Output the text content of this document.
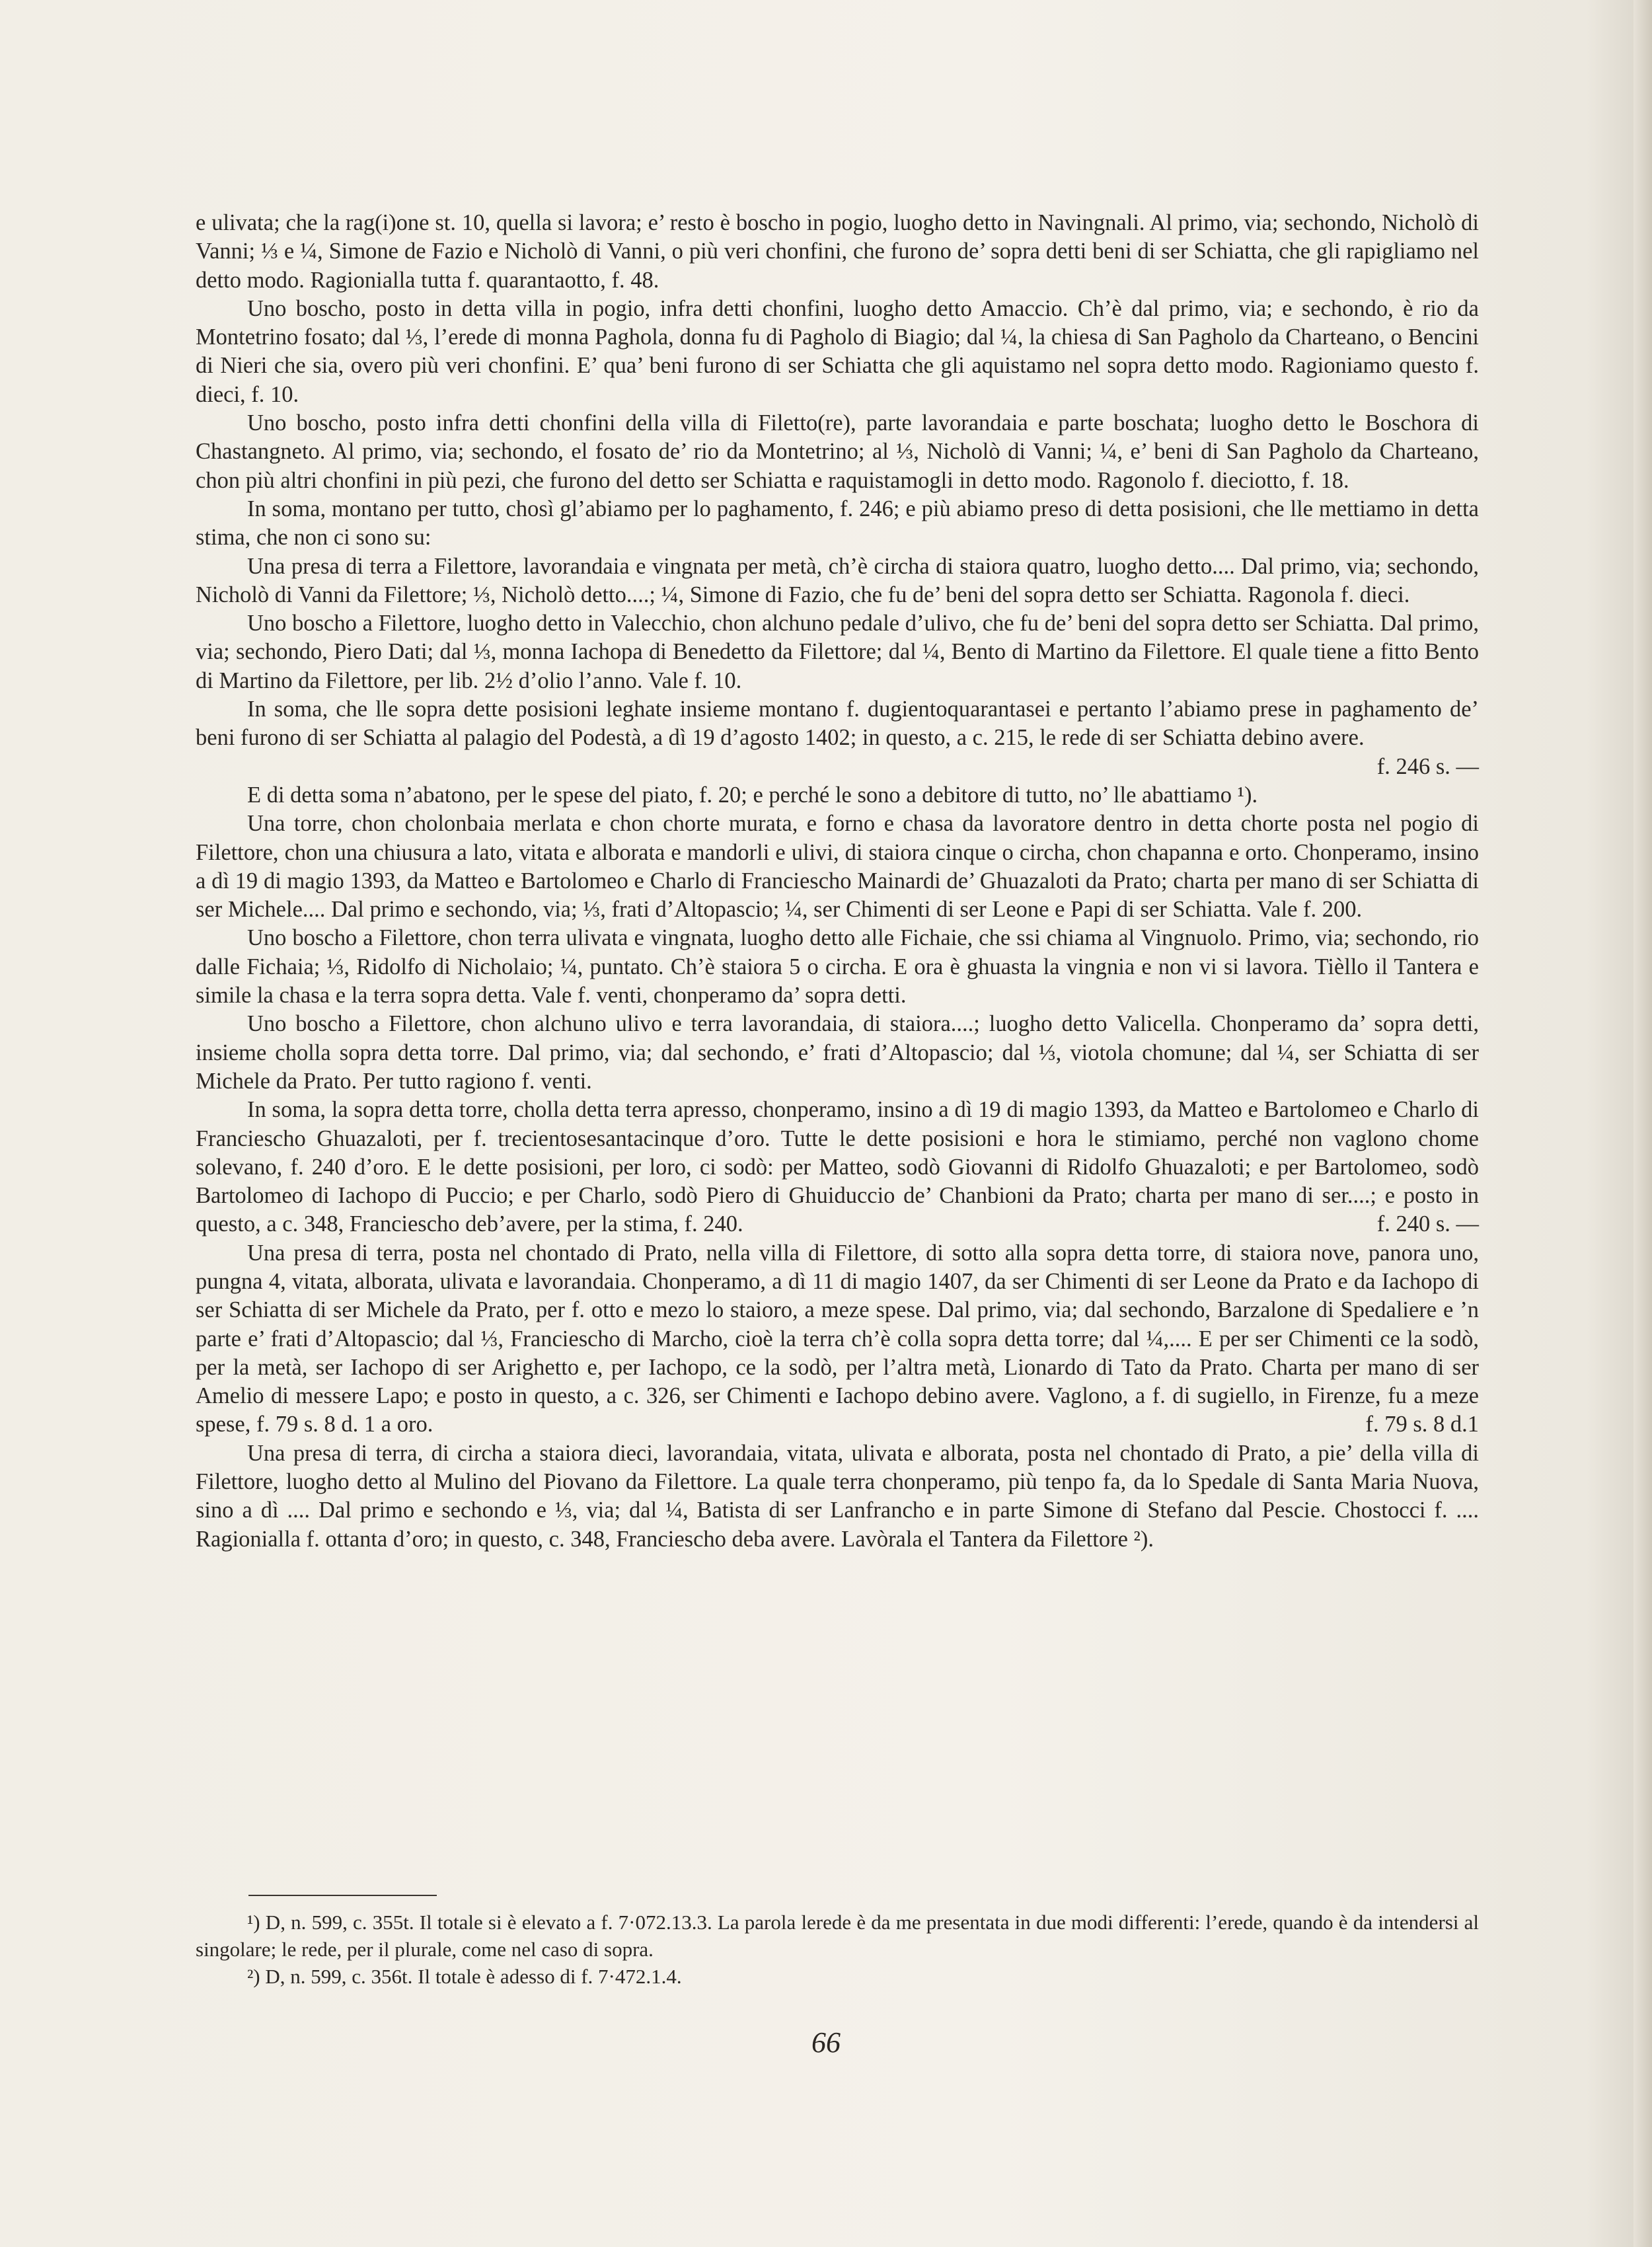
e ulivata; che la rag(i)one st. 10, quella si lavora; e’ resto è boscho in pogio, luogho detto in Navingnali. Al primo, via; sechondo, Nicholò di Vanni; ⅓ e ¼, Simone de Fazio e Nicholò di Vanni, o più veri chonfini, che furono de’ sopra detti beni di ser Schiatta, che gli rapigliamo nel detto modo. Ragionialla tutta f. quarantaotto, f. 48.

Uno boscho, posto in detta villa in pogio, infra detti chonfini, luogho detto Amaccio. Ch’è dal primo, via; e sechondo, è rio da Montetrino fosato; dal ⅓, l’erede di monna Paghola, donna fu di Pagholo di Biagio; dal ¼, la chiesa di San Pagholo da Charteano, o Bencini di Nieri che sia, overo più veri chonfini. E’ qua’ beni furono di ser Schiatta che gli aquistamo nel sopra detto modo. Ragioniamo questo f. dieci, f. 10.

Uno boscho, posto infra detti chonfini della villa di Filetto(re), parte lavorandaia e parte boschata; luogho detto le Boschora di Chastangneto. Al primo, via; sechondo, el fosato de’ rio da Montetrino; al ⅓, Nicholò di Vanni; ¼, e’ beni di San Pagholo da Charteano, chon più altri chonfini in più pezi, che furono del detto ser Schiatta e raquistamogli in detto modo. Ragonolo f. dieciotto, f. 18.

In soma, montano per tutto, chosì gl’abiamo per lo paghamento, f. 246; e più abiamo preso di detta posisioni, che lle mettiamo in detta stima, che non ci sono su:

Una presa di terra a Filettore, lavorandaia e vingnata per metà, ch’è circha di staiora quatro, luogho detto.... Dal primo, via; sechondo, Nicholò di Vanni da Filettore; ⅓, Nicholò detto....; ¼, Simone di Fazio, che fu de’ beni del sopra detto ser Schiatta. Ragonola f. dieci.

Uno boscho a Filettore, luogho detto in Valecchio, chon alchuno pedale d’ulivo, che fu de’ beni del sopra detto ser Schiatta. Dal primo, via; sechondo, Piero Dati; dal ⅓, monna Iachopa di Benedetto da Filettore; dal ¼, Bento di Martino da Filettore. El quale tiene a fitto Bento di Martino da Filettore, per lib. 2½ d’olio l’anno. Vale f. 10.

In soma, che lle sopra dette posisioni leghate insieme montano f. dugientoquarantasei e pertanto l’abiamo prese in paghamento de’ beni furono di ser Schiatta al palagio del Podestà, a dì 19 d’agosto 1402; in questo, a c. 215, le rede di ser Schiatta debino avere.
f. 246 s. —

E di detta soma n’abatono, per le spese del piato, f. 20; e perché le sono a debitore di tutto, no’ lle abattiamo ¹).

Una torre, chon cholonbaia merlata e chon chorte murata, e forno e chasa da lavoratore dentro in detta chorte posta nel pogio di Filettore, chon una chiusura a lato, vitata e alborata e mandorli e ulivi, di staiora cinque o circha, chon chapanna e orto. Chonperamo, insino a dì 19 di magio 1393, da Matteo e Bartolomeo e Charlo di Franciescho Mainardi de’ Ghuazaloti da Prato; charta per mano di ser Schiatta di ser Michele.... Dal primo e sechondo, via; ⅓, frati d’Altopascio; ¼, ser Chimenti di ser Leone e Papi di ser Schiatta. Vale f. 200.

Uno boscho a Filettore, chon terra ulivata e vingnata, luogho detto alle Fichaie, che ssi chiama al Vingnuolo. Primo, via; sechondo, rio dalle Fichaia; ⅓, Ridolfo di Nicholaio; ¼, puntato. Ch’è staiora 5 o circha. E ora è ghuasta la vingnia e non vi si lavora. Tièllo il Tantera e simile la chasa e la terra sopra detta. Vale f. venti, chonperamo da’ sopra detti.

Uno boscho a Filettore, chon alchuno ulivo e terra lavorandaia, di staiora....; luogho detto Valicella. Chonperamo da’ sopra detti, insieme cholla sopra detta torre. Dal primo, via; dal sechondo, e’ frati d’Altopascio; dal ⅓, viotola chomune; dal ¼, ser Schiatta di ser Michele da Prato. Per tutto ragiono f. venti.

In soma, la sopra detta torre, cholla detta terra apresso, chonperamo, insino a dì 19 di magio 1393, da Matteo e Bartolomeo e Charlo di Franciescho Ghuazaloti, per f. trecientosesantacinque d’oro. Tutte le dette posisioni e hora le stimiamo, perché non vaglono chome solevano, f. 240 d’oro. E le dette posisioni, per loro, ci sodò: per Matteo, sodò Giovanni di Ridolfo Ghuazaloti; e per Bartolomeo, sodò Bartolomeo di Iachopo di Puccio; e per Charlo, sodò Piero di Ghuiduccio de’ Chanbioni da Prato; charta per mano di ser....; e posto in questo, a c. 348, Franciescho deb’avere, per la stima, f. 240.	f. 240 s. —

Una presa di terra, posta nel chontado di Prato, nella villa di Filettore, di sotto alla sopra detta torre, di staiora nove, panora uno, pungna 4, vitata, alborata, ulivata e lavorandaia. Chonperamo, a dì 11 di magio 1407, da ser Chimenti di ser Leone da Prato e da Iachopo di ser Schiatta di ser Michele da Prato, per f. otto e mezo lo staioro, a meze spese. Dal primo, via; dal sechondo, Barzalone di Spedaliere e ’n parte e’ frati d’Altopascio; dal ⅓, Franciescho di Marcho, cioè la terra ch’è colla sopra detta torre; dal ¼,.... E per ser Chimenti ce la sodò, per la metà, ser Iachopo di ser Arighetto e, per Iachopo, ce la sodò, per l’altra metà, Lionardo di Tato da Prato. Charta per mano di ser Amelio di messere Lapo; e posto in questo, a c. 326, ser Chimenti e Iachopo debino avere. Vaglono, a f. di sugiello, in Firenze, fu a meze spese, f. 79 s. 8 d. 1 a oro.	f. 79 s. 8 d.1

Una presa di terra, di circha a staiora dieci, lavorandaia, vitata, ulivata e alborata, posta nel chontado di Prato, a pie’ della villa di Filettore, luogho detto al Mulino del Piovano da Filettore. La quale terra chonperamo, più tenpo fa, da lo Spedale di Santa Maria Nuova, sino a dì .... Dal primo e sechondo e ⅓, via; dal ¼, Batista di ser Lanfrancho e in parte Simone di Stefano dal Pescie. Chostocci f. .... Ragionialla f. ottanta d’oro; in questo, c. 348, Franciescho deba avere. Lavòrala el Tantera da Filettore ²).

¹) D, n. 599, c. 355t. Il totale si è elevato a f. 7·072.13.3. La parola lerede è da me presentata in due modi differenti: l’erede, quando è da intendersi al singolare; le rede, per il plurale, come nel caso di sopra.

²) D, n. 599, c. 356t. Il totale è adesso di f. 7·472.1.4.

66
